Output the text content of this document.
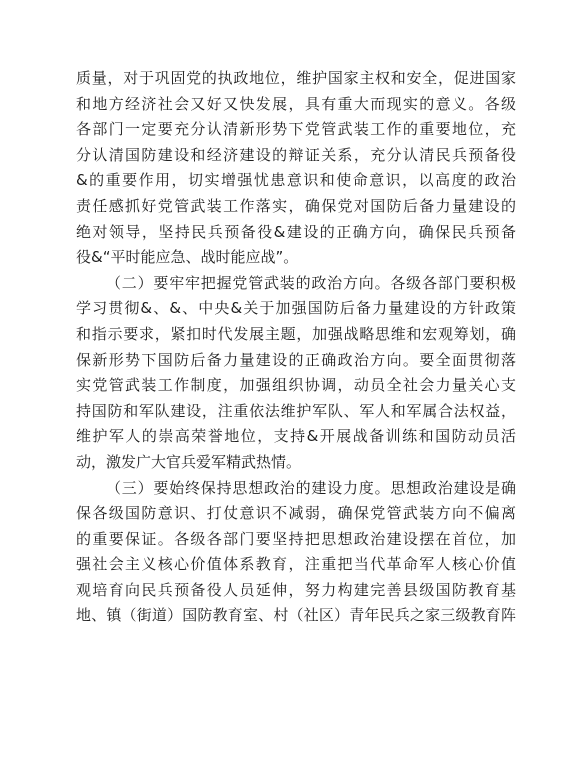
质量，对于巩固党的执政地位，维护国家主权和安全，促进国家
和地方经济社会又好又快发展，具有重大而现实的意义。各级
各部门一定要充分认清新形势下党管武装工作的重要地位，充
分认清国防建设和经济建设的辩证关系，充分认清民兵预备役
&的重要作用，切实增强忧患意识和使命意识，以高度的政治
责任感抓好党管武装工作落实，确保党对国防后备力量建设的
绝对领导，坚持民兵预备役&建设的正确方向，确保民兵预备
役&“平时能应急、战时能应战”。
（二）要牢牢把握党管武装的政治方向。各级各部门要积极
学习贯彻&、&、中央&关于加强国防后备力量建设的方针政策
和指示要求，紧扣时代发展主题，加强战略思维和宏观筹划，确
保新形势下国防后备力量建设的正确政治方向。要全面贯彻落
实党管武装工作制度，加强组织协调，动员全社会力量关心支
持国防和军队建设，注重依法维护军队、军人和军属合法权益，
维护军人的崇高荣誉地位，支持&开展战备训练和国防动员活
动，激发广大官兵爱军精武热情。
（三）要始终保持思想政治的建设力度。思想政治建设是确
保各级国防意识、打仗意识不减弱，确保党管武装方向不偏离
的重要保证。各级各部门要坚持把思想政治建设摆在首位，加
强社会主义核心价值体系教育，注重把当代革命军人核心价值
观培育向民兵预备役人员延伸，努力构建完善县级国防教育基
地、镇（街道）国防教育室、村（社区）青年民兵之家三级教育阵
